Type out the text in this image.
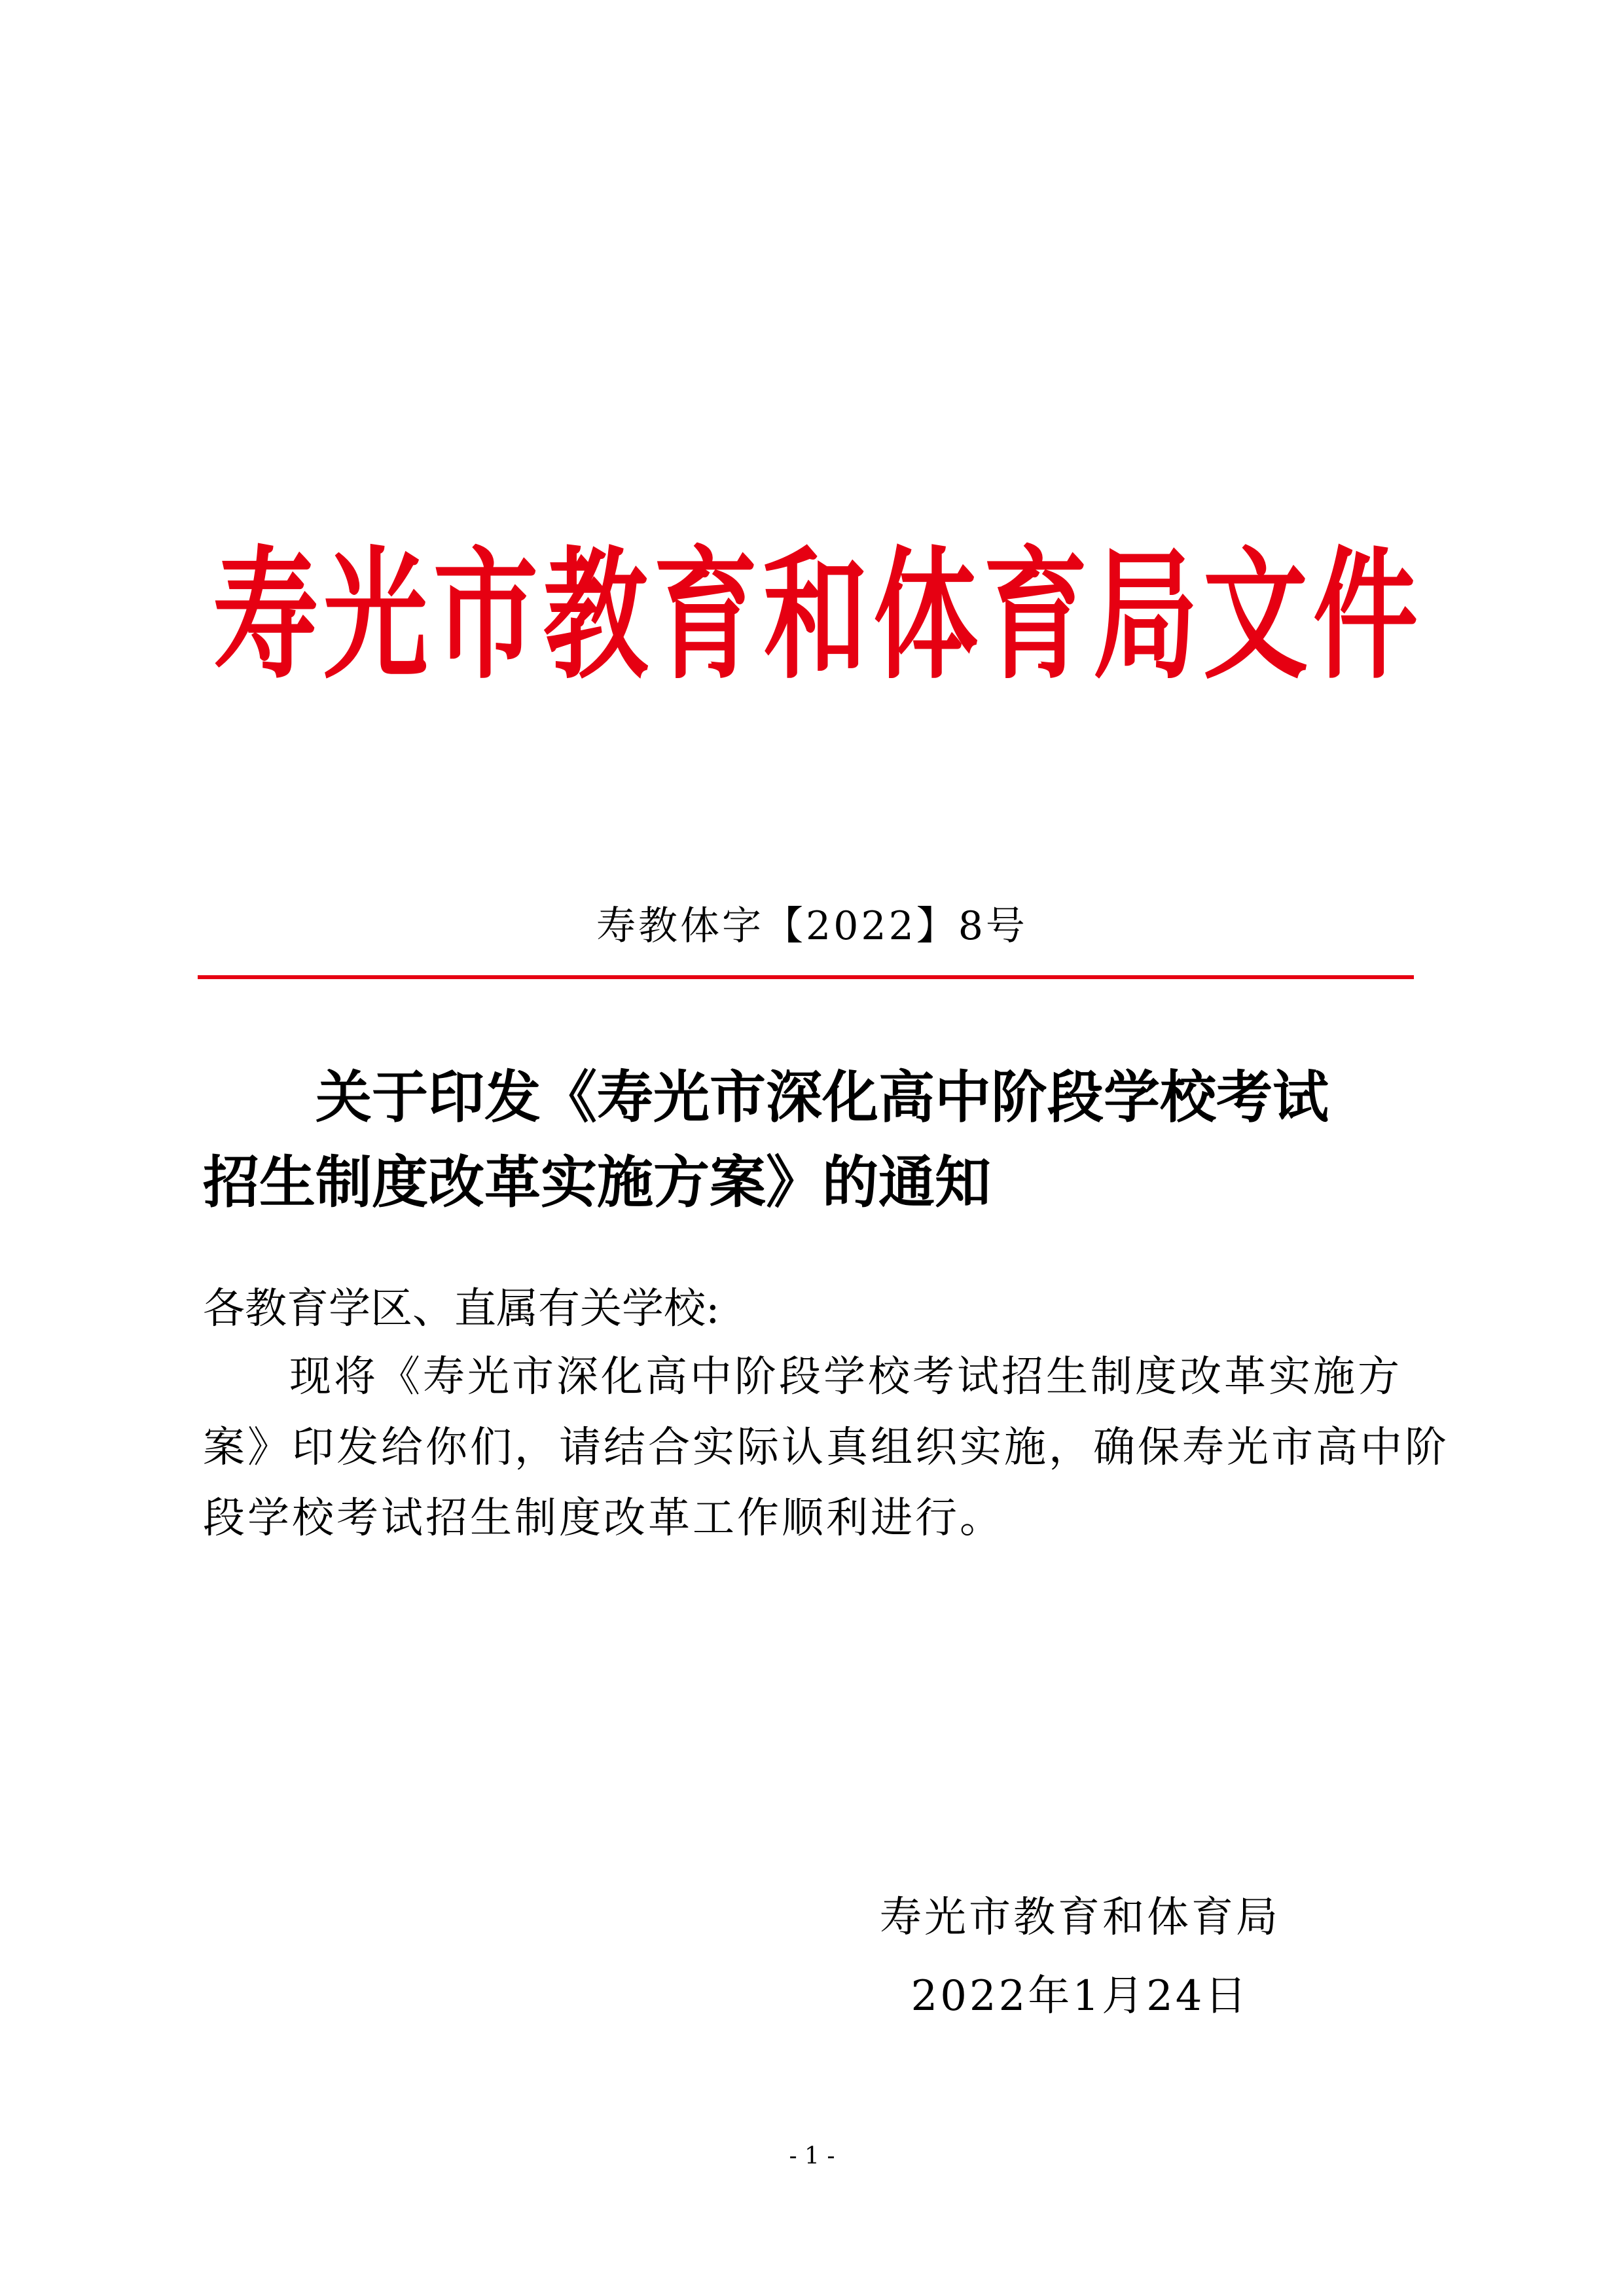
寿光市教育和体育局文件
寿教体字【2022】8号
关于印发《寿光市深化高中阶段学校考试
招生制度改革实施方案》的通知
各教育学区、直属有关学校:
现将《寿光市深化高中阶段学校考试招生制度改革实施方
案》印发给你们，请结合实际认真组织实施，确保寿光市高中阶
段学校考试招生制度改革工作顺利进行。
寿光市教育和体育局
2022年1月24日
- 1 -
